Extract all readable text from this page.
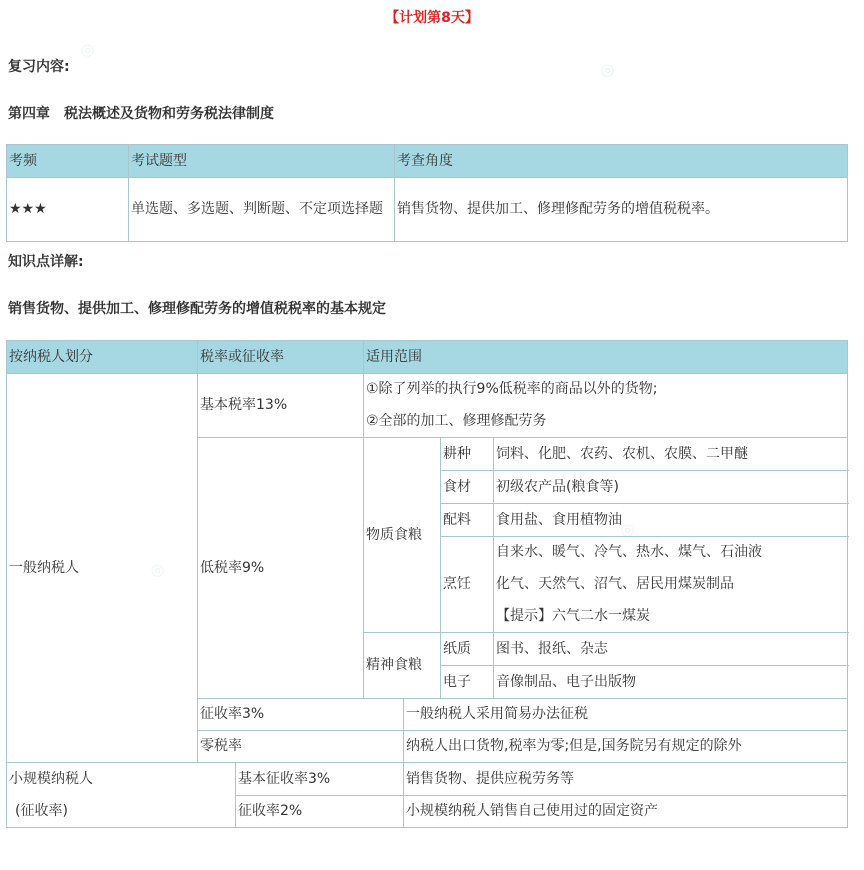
◎
◎
◎
◎
【计划第8天】
复习内容:
第四章　税法概述及货物和劳务税法律制度
考频	考试题型	考查角度
★★★	单选题、多选题、判断题、不定项选择题	销售货物、提供加工、修理修配劳务的增值税税率。
知识点详解:
销售货物、提供加工、修理修配劳务的增值税税率的基本规定
按纳税人划分	税率或征收率		适用范围			
一般纳税人	基本税率13%		①除了列举的执行9%低税率的商品以外的货物;			
			②全部的加工、修理修配劳务			
	低税率9%		物质食粮		耕种	饲料、化肥、农药、农机、农膜、二甲醚
					食材	初级农产品(粮食等)
					配料	食用盐、食用植物油
					烹饪	自来水、暖气、冷气、热水、煤气、石油液
						化气、天然气、沼气、居民用煤炭制品
						【提示】六气二水一煤炭
			精神食粮		纸质	图书、报纸、杂志
					电子	音像制品、电子出版物
	征收率3%			一般纳税人采用简易办法征税		
	零税率			纳税人出口货物,税率为零;但是,国务院另有规定的除外		
小规模纳税人		基本征收率3%		销售货物、提供应税劳务等		
(征收率)		征收率2%		小规模纳税人销售自己使用过的固定资产		
